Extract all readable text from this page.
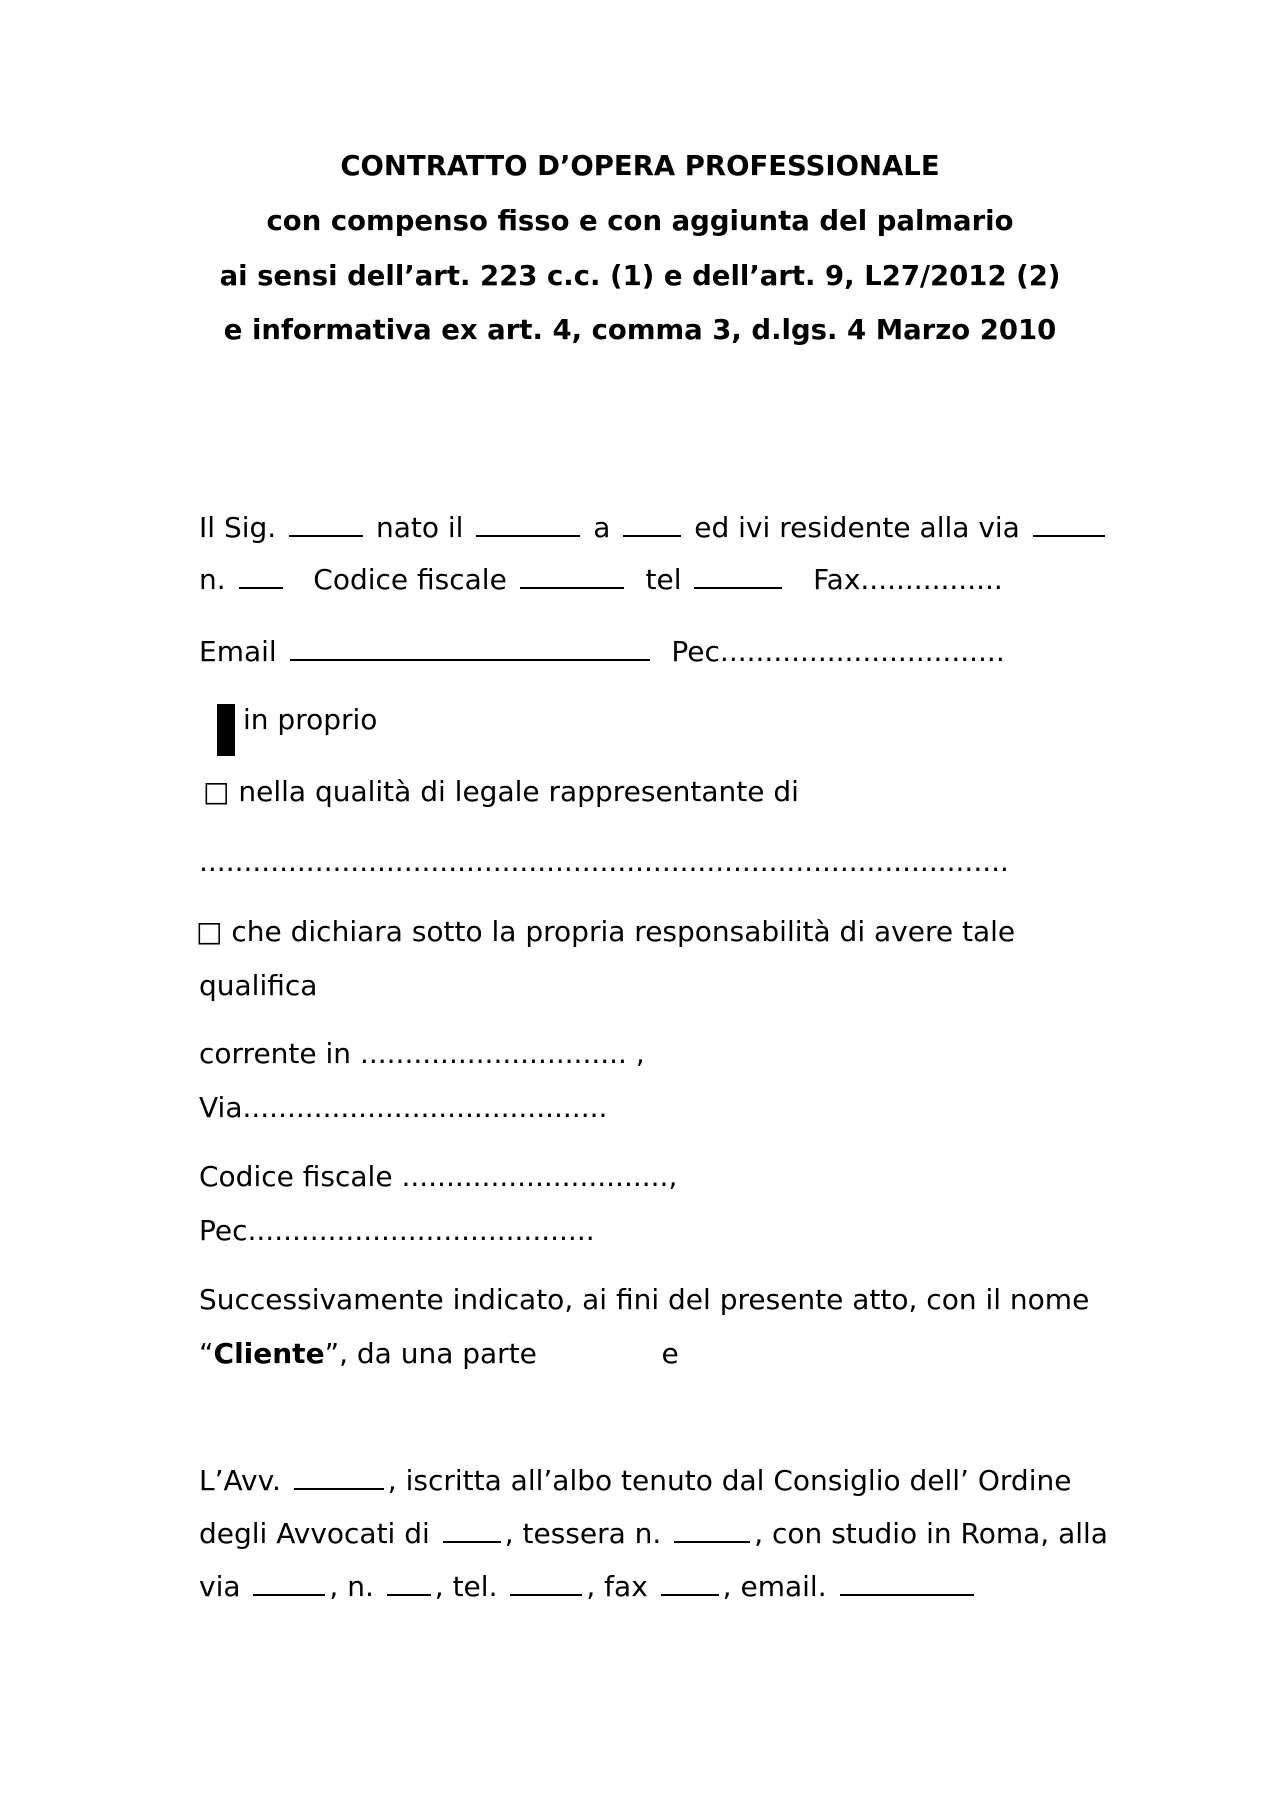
CONTRATTO D’OPERA PROFESSIONALE
con compenso fisso e con aggiunta del palmario
ai sensi dell’art. 223 c.c. (1) e dell’art. 9, L27/2012 (2)
e informativa ex art. 4, comma 3, d.lgs. 4 Marzo 2010
Il Sig.	nato il	a	ed ivi residente alla via
n.	Codice fiscale	tel	Fax................
Email	Pec................................
in proprio
□ nella qualità di legale rappresentante di
...........................................................................................
□ che dichiara sotto la propria responsabilità di avere tale
qualifica
corrente in .............................. ,
Via.........................................
Codice fiscale ..............................,
Pec.......................................
Successivamente indicato, ai fini del presente atto, con il nome
“Cliente”, da una parte	e
L’Avv.	, iscritta all’albo tenuto dal Consiglio dell’ Ordine
degli Avvocati di	, tessera n.	, con studio in Roma, alla
via	, n. , tel.	, fax	, email.
